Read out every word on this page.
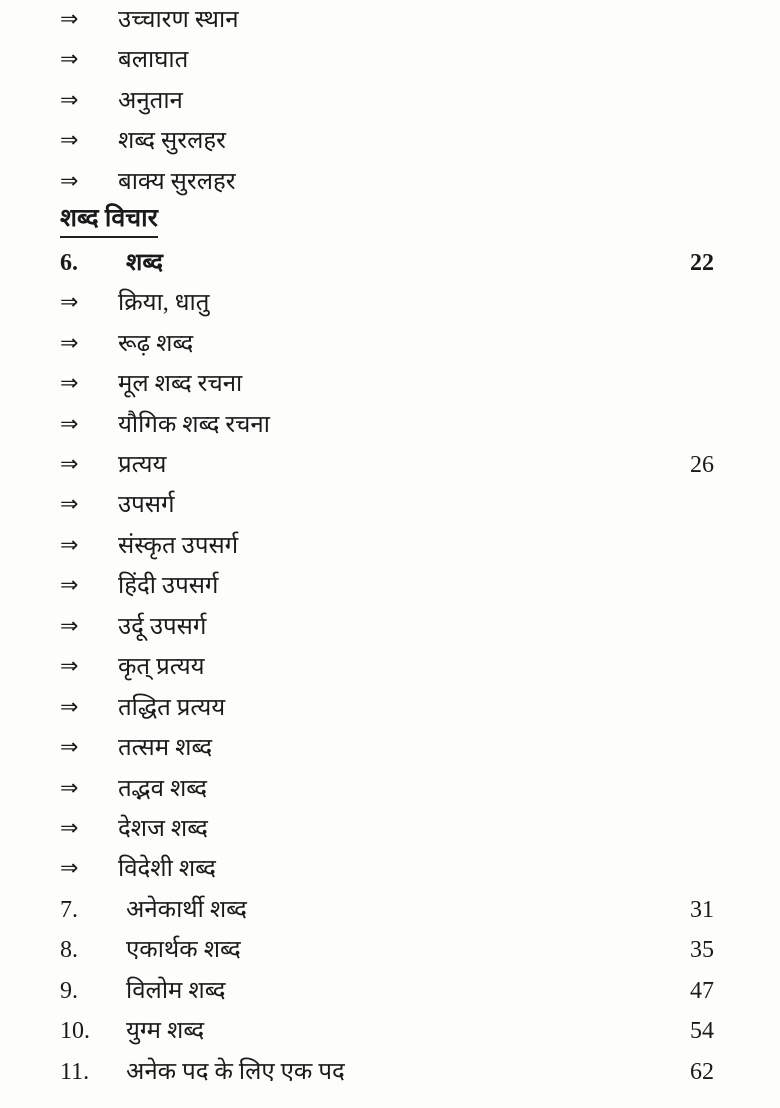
⇒ उच्चारण स्थान
⇒ बलाघात
⇒ अनुतान
⇒ शब्द सुरलहर
⇒ बाक्य सुरलहर
शब्द विचार
6. शब्द	22
⇒ क्रिया, धातु
⇒ रूढ़ शब्द
⇒ मूल शब्द रचना
⇒ यौगिक शब्द रचना
⇒ प्रत्यय	26
⇒ उपसर्ग
⇒ संस्कृत उपसर्ग
⇒ हिंदी उपसर्ग
⇒ उर्दू उपसर्ग
⇒ कृत् प्रत्यय
⇒ तद्धित प्रत्यय
⇒ तत्सम शब्द
⇒ तद्भव शब्द
⇒ देशज शब्द
⇒ विदेशी शब्द
7. अनेकार्थी शब्द	31
8. एकार्थक शब्द	35
9. विलोम शब्द	47
10. युग्म शब्द	54
11. अनेक पद के लिए एक पद	62
